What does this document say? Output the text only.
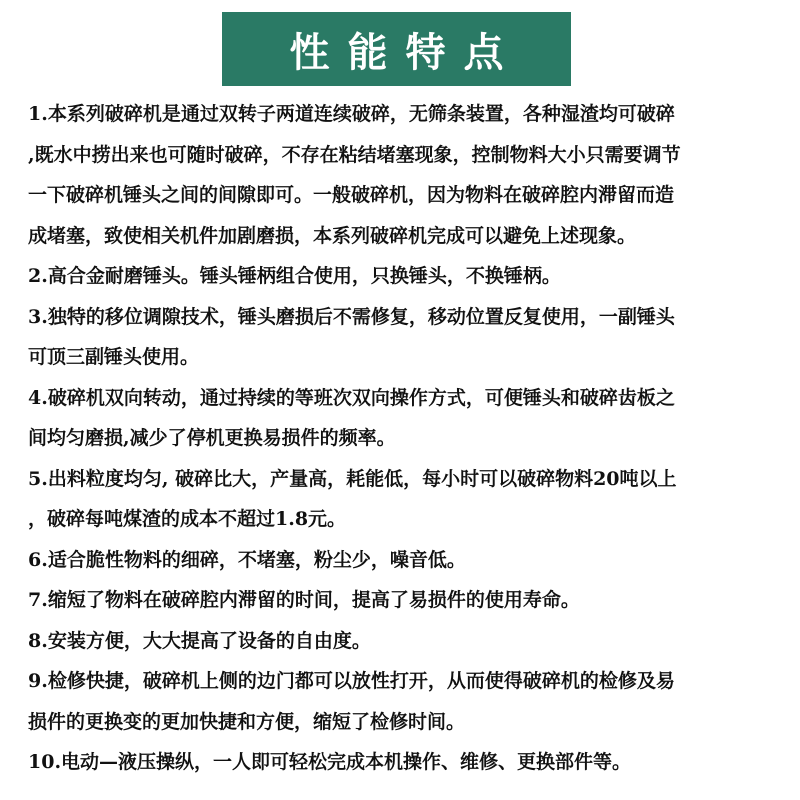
性能特点
1.本系列破碎机是通过双转子两道连续破碎，无筛条装置，各种湿渣均可破碎
,既水中捞出来也可随时破碎，不存在粘结堵塞现象，控制物料大小只需要调节
一下破碎机锤头之间的间隙即可。一般破碎机，因为物料在破碎腔内滞留而造
成堵塞，致使相关机件加剧磨损，本系列破碎机完成可以避免上述现象。
2.高合金耐磨锤头。锤头锤柄组合使用，只换锤头，不换锤柄。
3.独特的移位调隙技术，锤头磨损后不需修复，移动位置反复使用，一副锤头
可顶三副锤头使用。
4.破碎机双向转动，通过持续的等班次双向操作方式，可便锤头和破碎齿板之
间均匀磨损,减少了停机更换易损件的频率。
5.出料粒度均匀, 破碎比大，产量高，耗能低，每小时可以破碎物料20吨以上
，破碎每吨煤渣的成本不超过1.8元。
6.适合脆性物料的细碎，不堵塞，粉尘少，噪音低。
7.缩短了物料在破碎腔内滞留的时间，提高了易损件的使用寿命。
8.安装方便，大大提高了设备的自由度。
9.检修快捷，破碎机上侧的边门都可以放性打开，从而使得破碎机的检修及易
损件的更换变的更加快捷和方便，缩短了检修时间。
10.电动—液压操纵，一人即可轻松完成本机操作、维修、更换部件等。
